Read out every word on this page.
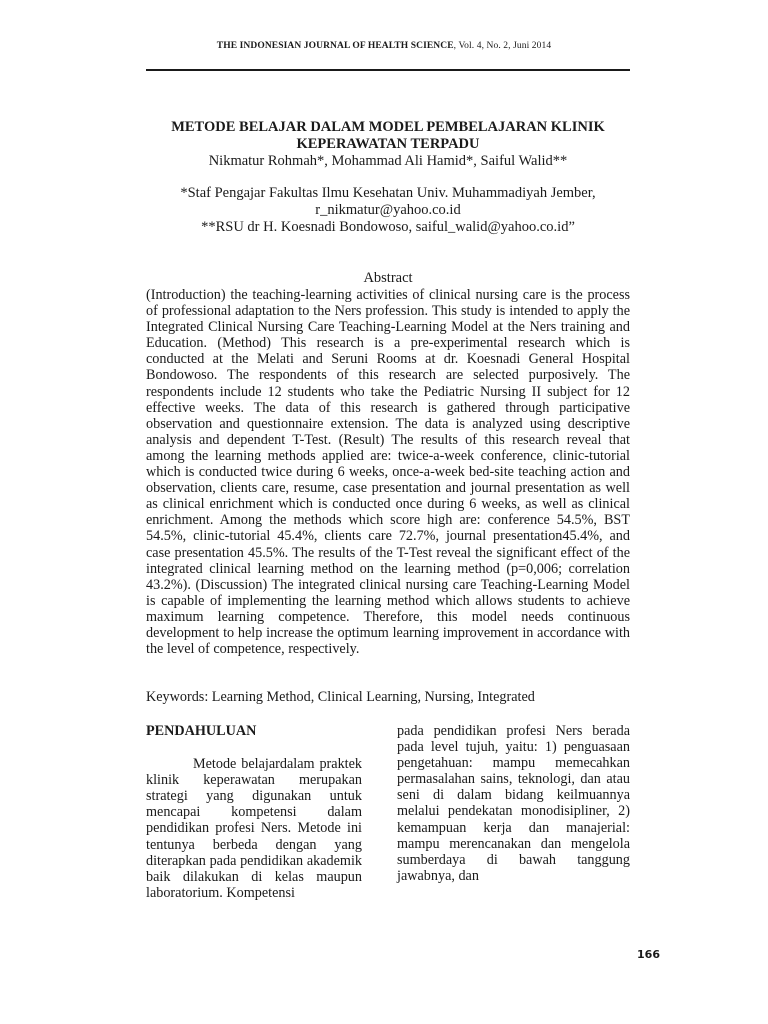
THE INDONESIAN JOURNAL OF HEALTH SCIENCE, Vol. 4, No. 2, Juni 2014
METODE BELAJAR DALAM MODEL PEMBELAJARAN KLINIK KEPERAWATAN TERPADU
Nikmatur Rohmah*, Mohammad Ali Hamid*, Saiful Walid**
*Staf Pengajar Fakultas Ilmu Kesehatan Univ. Muhammadiyah Jember,
r_nikmatur@yahoo.co.id
**RSU dr H. Koesnadi Bondowoso, saiful_walid@yahoo.co.id”
Abstract
(Introduction) the teaching-learning activities of clinical nursing care is the process of professional adaptation to the Ners profession. This study is intended to apply the Integrated Clinical Nursing Care Teaching-Learning Model at the Ners training and Education. (Method) This research is a pre-experimental research which is conducted at the Melati and Seruni Rooms at dr. Koesnadi General Hospital Bondowoso. The respondents of this research are selected purposively. The respondents include 12 students who take the Pediatric Nursing II subject for 12 effective weeks. The data of this research is gathered through participative observation and questionnaire extension. The data is analyzed using descriptive analysis and dependent T-Test. (Result) The results of this research reveal that among the learning methods applied are: twice-a-week conference, clinic-tutorial which is conducted twice during 6 weeks, once-a-week bed-site teaching action and observation, clients care, resume, case presentation and journal presentation as well as clinical enrichment which is conducted once during 6 weeks, as well as clinical enrichment. Among the methods which score high are: conference 54.5%, BST 54.5%, clinic-tutorial 45.4%, clients care 72.7%, journal presentation45.4%, and case presentation 45.5%. The results of the T-Test reveal the significant effect of the integrated clinical learning method on the learning method (p=0,006; correlation 43.2%). (Discussion) The integrated clinical nursing care Teaching-Learning Model is capable of implementing the learning method which allows students to achieve maximum learning competence. Therefore, this model needs continuous development to help increase the optimum learning improvement in accordance with the level of competence, respectively.
Keywords: Learning Method, Clinical Learning, Nursing, Integrated
PENDAHULUAN

Metode belajardalam praktek klinik keperawatan merupakan strategi yang digunakan untuk mencapai kompetensi dalam pendidikan profesi Ners. Metode ini tentunya berbeda dengan yang diterapkan pada pendidikan akademik baik dilakukan di kelas maupun laboratorium. Kompetensi

pada pendidikan profesi Ners berada pada level tujuh, yaitu: 1) penguasaan pengetahuan: mampu memecahkan permasalahan sains, teknologi, dan atau seni di dalam bidang keilmuannya melalui pendekatan monodisipliner, 2) kemampuan kerja dan manajerial: mampu merencanakan dan mengelola sumberdaya di bawah tanggung jawabnya, dan

166
